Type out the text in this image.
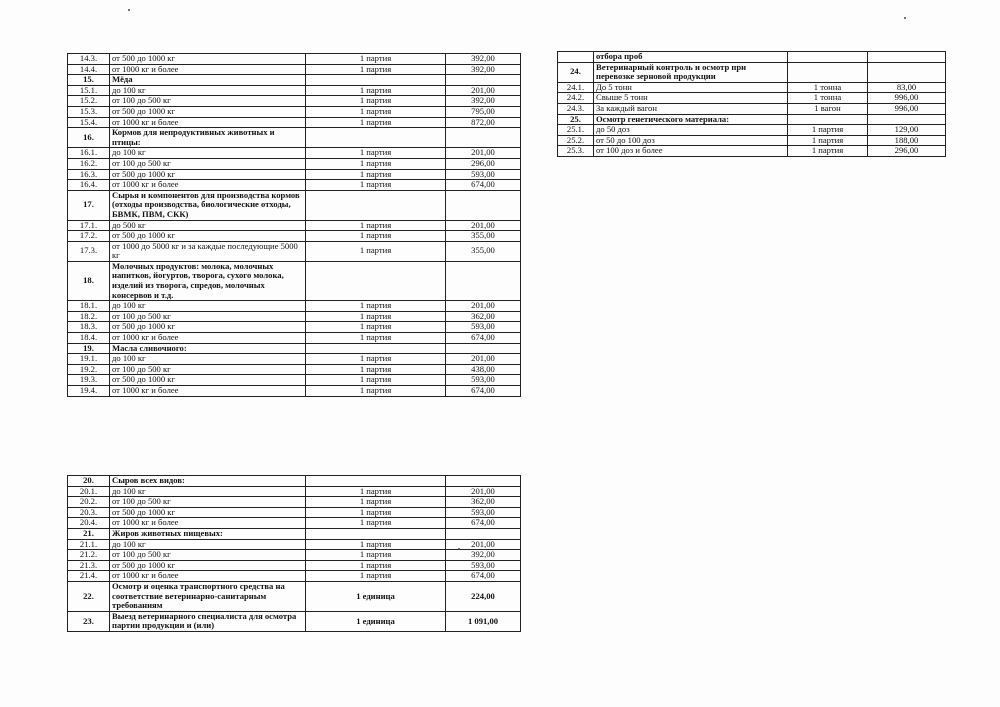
14.3.	от 500 до 1000 кг	1 партия	392,00
14.4.	от 1000 кг и более	1 партия	392,00
15.	Мёда		
15.1.	до 100 кг	1 партия	201,00
15.2.	от 100 до 500 кг	1 партия	392,00
15.3.	от 500 до 1000 кг	1 партия	795,00
15.4.	от 1000 кг и более	1 партия	872,00
16.	Кормов для непродуктивных животных и птицы:		
16.1.	до 100 кг	1 партия	201,00
16.2.	от 100 до 500 кг	1 партия	296,00
16.3.	от 500 до 1000 кг	1 партия	593,00
16.4.	от 1000 кг и более	1 партия	674,00
17.	Сырья и компонентов для производства кормов (отходы производства, биологические отходы, БВМК, ПВМ, СКК)		
17.1.	до 500 кг	1 партия	201,00
17.2.	от 500 до 1000 кг	1 партия	355,00
17.3.	от 1000 до 5000 кг и за каждые последующие 5000 кг	1 партия	355,00
18.	Молочных продуктов: молока, молочных напитков, йогуртов, творога, сухого молока, изделий из творога, спредов, молочных консервов и т.д.		
18.1.	до 100 кг	1 партия	201,00
18.2.	от 100 до 500 кг	1 партия	362,00
18.3.	от 500 до 1000 кг	1 партия	593,00
18.4.	от 1000 кг и более	1 партия	674,00
19.	Масла сливочного:		
19.1.	до 100 кг	1 партия	201,00
19.2.	от 100 до 500 кг	1 партия	438,00
19.3.	от 500 до 1000 кг	1 партия	593,00
19.4.	от 1000 кг и более	1 партия	674,00
20.	Сыров всех видов:		
20.1.	до 100 кг	1 партия	201,00
20.2.	от 100 до 500 кг	1 партия	362,00
20.3.	от 500 до 1000 кг	1 партия	593,00
20.4.	от 1000 кг и более	1 партия	674,00
21.	Жиров животных пищевых:		
21.1.	до 100 кг	1 партия	201,00
21.2.	от 100 до 500 кг	1 партия	392,00
21.3.	от 500 до 1000 кг	1 партия	593,00
21.4.	от 1000 кг и более	1 партия	674,00
22.	Осмотр и оценка транспортного средства на соответствие ветеринарно-санитарным требованиям	1 единица	224,00
23.	Выезд ветеринарного специалиста для осмотра партии продукции и (или)	1 единица	1 091,00
	отбора проб		
24.	Ветеринарный контроль и осмотр при перевозке зерновой продукции		
24.1.	До 5 тонн	1 тонна	83,00
24.2.	Свыше 5 тонн	1 тонна	996,00
24.3.	За каждый вагон	1 вагон	996,00
25.	Осмотр генетического материала:		
25.1.	до 50 доз	1 партия	129,00
25.2.	от 50 до 100 доз	1 партия	188,00
25.3.	от 100 доз и более	1 партия	296,00
